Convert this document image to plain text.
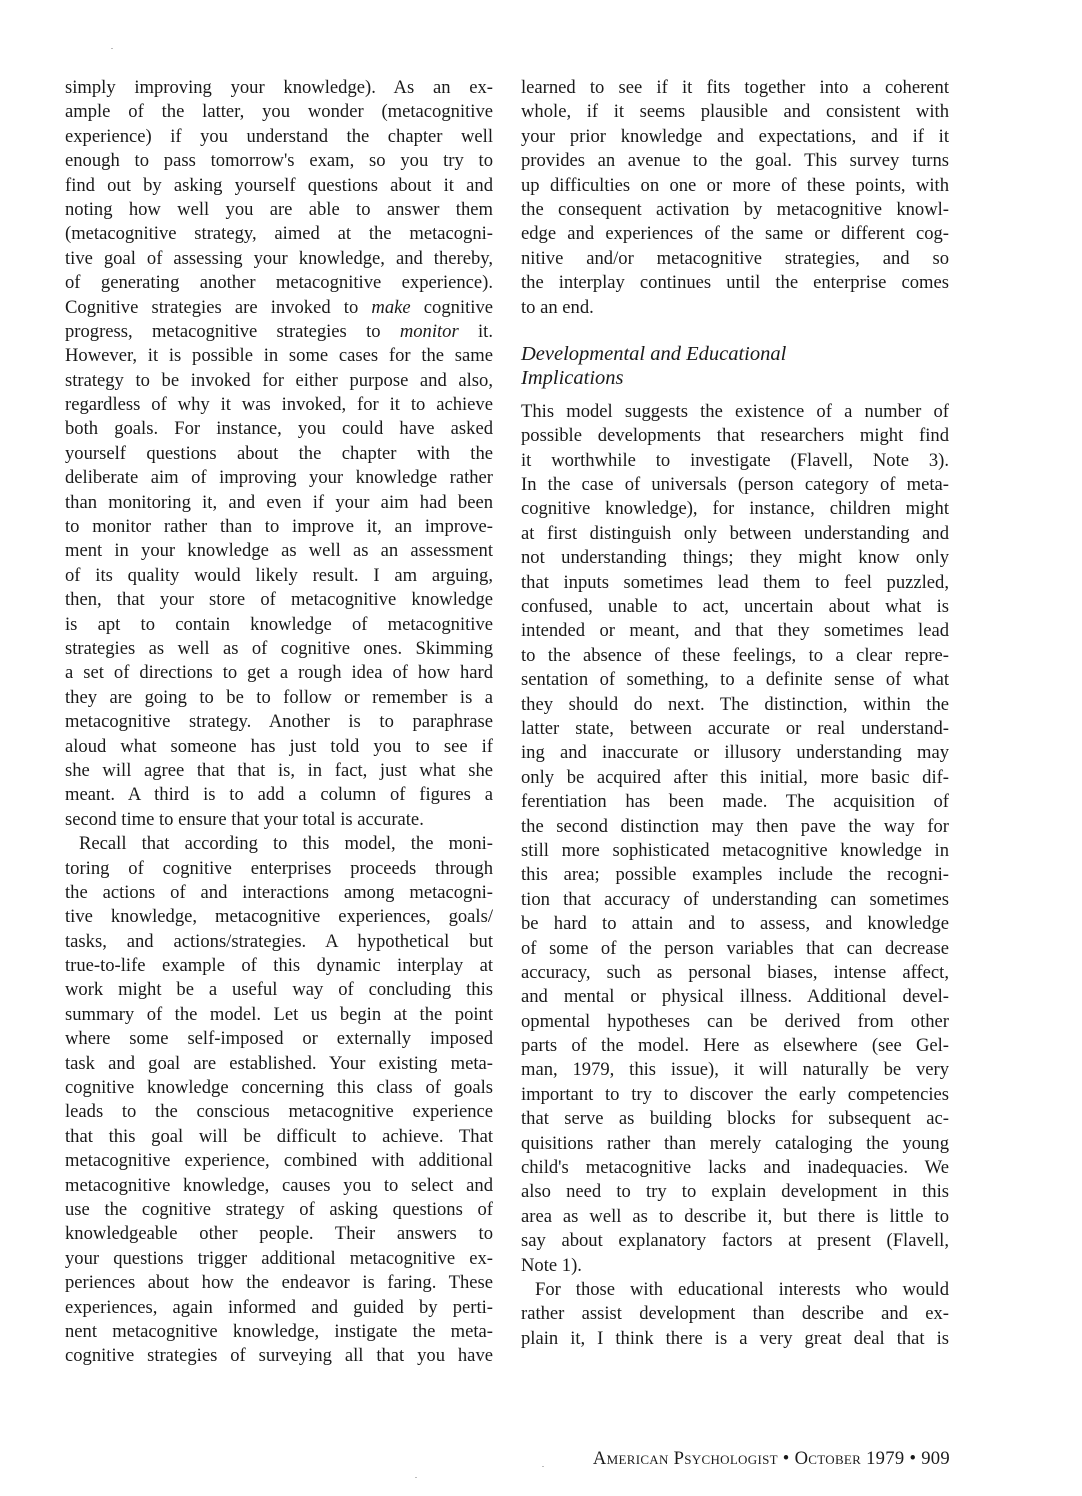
simply improving your knowledge). As an ex-
ample of the latter, you wonder (metacognitive
experience) if you understand the chapter well
enough to pass tomorrow's exam, so you try to
find out by asking yourself questions about it and
noting how well you are able to answer them
(metacognitive strategy, aimed at the metacogni-
tive goal of assessing your knowledge, and thereby,
of generating another metacognitive experience).
Cognitive strategies are invoked to make cognitive
progress, metacognitive strategies to monitor it.
However, it is possible in some cases for the same
strategy to be invoked for either purpose and also,
regardless of why it was invoked, for it to achieve
both goals. For instance, you could have asked
yourself questions about the chapter with the
deliberate aim of improving your knowledge rather
than monitoring it, and even if your aim had been
to monitor rather than to improve it, an improve-
ment in your knowledge as well as an assessment
of its quality would likely result. I am arguing,
then, that your store of metacognitive knowledge
is apt to contain knowledge of metacognitive
strategies as well as of cognitive ones. Skimming
a set of directions to get a rough idea of how hard
they are going to be to follow or remember is a
metacognitive strategy. Another is to paraphrase
aloud what someone has just told you to see if
she will agree that that is, in fact, just what she
meant. A third is to add a column of figures a
second time to ensure that your total is accurate.
Recall that according to this model, the moni-
toring of cognitive enterprises proceeds through
the actions of and interactions among metacogni-
tive knowledge, metacognitive experiences, goals/
tasks, and actions/strategies. A hypothetical but
true-to-life example of this dynamic interplay at
work might be a useful way of concluding this
summary of the model. Let us begin at the point
where some self-imposed or externally imposed
task and goal are established. Your existing meta-
cognitive knowledge concerning this class of goals
leads to the conscious metacognitive experience
that this goal will be difficult to achieve. That
metacognitive experience, combined with additional
metacognitive knowledge, causes you to select and
use the cognitive strategy of asking questions of
knowledgeable other people. Their answers to
your questions trigger additional metacognitive ex-
periences about how the endeavor is faring. These
experiences, again informed and guided by perti-
nent metacognitive knowledge, instigate the meta-
cognitive strategies of surveying all that you have
learned to see if it fits together into a coherent
whole, if it seems plausible and consistent with
your prior knowledge and expectations, and if it
provides an avenue to the goal. This survey turns
up difficulties on one or more of these points, with
the consequent activation by metacognitive knowl-
edge and experiences of the same or different cog-
nitive and/or metacognitive strategies, and so
the interplay continues until the enterprise comes
to an end.
Developmental and Educational
Implications
This model suggests the existence of a number of
possible developments that researchers might find
it worthwhile to investigate (Flavell, Note 3).
In the case of universals (person category of meta-
cognitive knowledge), for instance, children might
at first distinguish only between understanding and
not understanding things; they might know only
that inputs sometimes lead them to feel puzzled,
confused, unable to act, uncertain about what is
intended or meant, and that they sometimes lead
to the absence of these feelings, to a clear repre-
sentation of something, to a definite sense of what
they should do next. The distinction, within the
latter state, between accurate or real understand-
ing and inaccurate or illusory understanding may
only be acquired after this initial, more basic dif-
ferentiation has been made. The acquisition of
the second distinction may then pave the way for
still more sophisticated metacognitive knowledge in
this area; possible examples include the recogni-
tion that accuracy of understanding can sometimes
be hard to attain and to assess, and knowledge
of some of the person variables that can decrease
accuracy, such as personal biases, intense affect,
and mental or physical illness. Additional devel-
opmental hypotheses can be derived from other
parts of the model. Here as elsewhere (see Gel-
man, 1979, this issue), it will naturally be very
important to try to discover the early competencies
that serve as building blocks for subsequent ac-
quisitions rather than merely cataloging the young
child's metacognitive lacks and inadequacies. We
also need to try to explain development in this
area as well as to describe it, but there is little to
say about explanatory factors at present (Flavell,
Note 1).
For those with educational interests who would
rather assist development than describe and ex-
plain it, I think there is a very great deal that is
American Psychologist • October 1979 • 909
